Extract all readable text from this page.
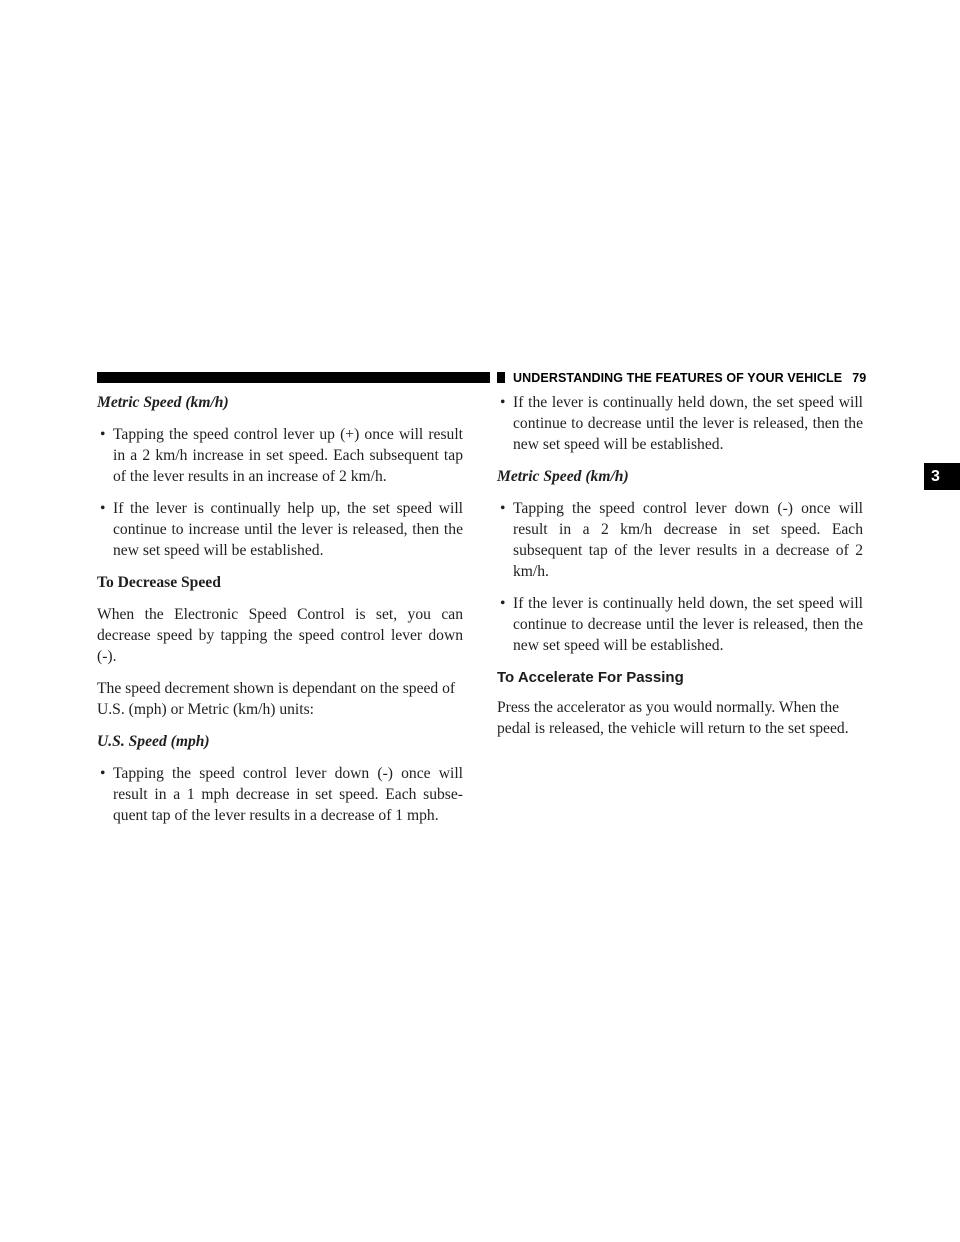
UNDERSTANDING THE FEATURES OF YOUR VEHICLE 79
3

Metric Speed (km/h)

• Tapping the speed control lever up (+) once will result in a 2 km/h increase in set speed. Each subsequent tap of the lever results in an increase of 2 km/h.
• If the lever is continually help up, the set speed will continue to increase until the lever is released, then the new set speed will be established.

To Decrease Speed

When the Electronic Speed Control is set, you can decrease speed by tapping the speed control lever down (-).

The speed decrement shown is dependant on the speed of U.S. (mph) or Metric (km/h) units:

U.S. Speed (mph)

• Tapping the speed control lever down (-) once will result in a 1 mph decrease in set speed. Each subse-quent tap of the lever results in a decrease of 1 mph.
• If the lever is continually held down, the set speed will continue to decrease until the lever is released, then the new set speed will be established.

Metric Speed (km/h)

• Tapping the speed control lever down (-) once will result in a 2 km/h decrease in set speed. Each subsequent tap of the lever results in a decrease of 2 km/h.
• If the lever is continually held down, the set speed will continue to decrease until the lever is released, then the new set speed will be established.

To Accelerate For Passing

Press the accelerator as you would normally. When the pedal is released, the vehicle will return to the set speed.
